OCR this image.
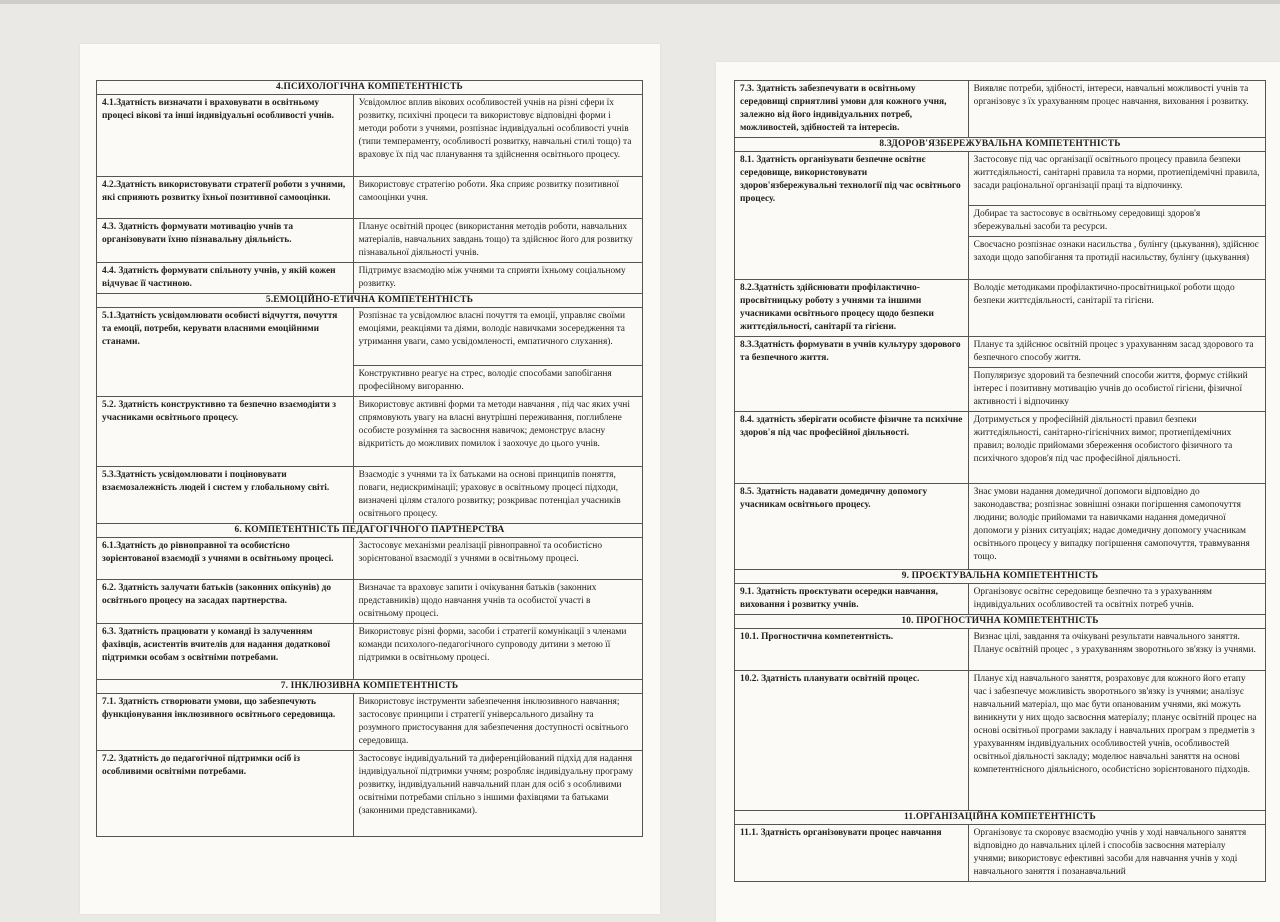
4.ПСИХОЛОГІЧНА КОМПЕТЕНТНІСТЬ	
4.1.Здатність визначати і враховувати в освітньому процесі вікові та інші індивідуальні особливості учнів.	Усвідомлює вплив вікових особливостей учнів на різні сфери їх розвитку, психічні процеси та використовує відповідні форми і методи роботи з учнями, розпізнає індивідуальні особливості учнів (типи темпераменту, особливості розвитку, навчальні стилі тощо) та враховує їх під час планування та здійснення освітнього процесу.
4.2.Здатність використовувати стратегії роботи з учнями, які сприяють розвитку їхньої позитивної самооцінки.	Використовує стратегію роботи. Яка сприяє розвитку позитивної самооцінки учня.
4.3. Здатність формувати мотивацію учнів та організовувати їхню пізнавальну діяльність.	Планує освітній процес (використання методів роботи, навчальних матеріалів, навчальних завдань тощо) та здійснює його для розвитку пізнавальної діяльності учнів.
4.4. Здатність формувати спільноту учнів, у якій кожен відчуває її частиною.	Підтримує взаємодію між учнями та сприяти їхньому соціальному розвитку.
5.ЕМОЦІЙНО-ЕТИЧНА КОМПЕТЕНТНІСТЬ	
5.1.Здатність усвідомлювати особисті відчуття, почуття та емоції, потреби, керувати власними емоційними станами.	Розпізнає та усвідомлює власні почуття та емоції, управляє своїми емоціями, реакціями та діями, володіє навичками зосередження та утримання уваги, само усвідомленості, емпатичного слухання).
	Конструктивно реагує на стрес, володіє способами запобігання професійному вигоранню.
5.2. Здатність конструктивно та безпечно взаємодіяти з учасниками освітнього процесу.	Використовує активні форми та методи навчання , під час яких учні спрямовують увагу на власні внутрішні переживання, поглиблене особисте розуміння та засвоєння навичок; демонструє власну відкритість до можливих помилок і заохочує до цього учнів.
5.3.Здатність усвідомлювати і поціновувати взаємозалежність людей і систем у глобальному світі.	Взаємодіє з учнями та їх батьками на основі принципів поняття, поваги, недискримінації; ураховує в освітньому процесі підходи, визначені цілям сталого розвитку; розкриває потенціал учасників освітнього процесу.
6. КОМПЕТЕНТНІСТЬ ПЕДАГОГІЧНОГО ПАРТНЕРСТВА	
6.1.Здатність до рівноправної та особистісно зорієнтованої взаємодії з учнями в освітньому процесі.	Застосовує механізми реалізації рівноправної та особистісно зорієнтованої взаємодії з учнями в освітньому процесі.
6.2. Здатність залучати батьків (законних опікунів) до освітнього процесу на засадах партнерства.	Визначає та враховує запити і очікування батьків (законних представників) щодо навчання учнів та особистої участі в освітньому процесі.
6.3. Здатність працювати у команді із залученням фахівців, асистентів вчителів для надання додаткової підтримки особам з освітніми потребами.	Використовує різні форми, засоби і стратегії комунікації з членами команди психолого-педагогічного супроводу дитини з метою її підтримки в освітньому процесі.
7. ІНКЛЮЗИВНА КОМПЕТЕНТНІСТЬ	
7.1. Здатність створювати умови, що забезпечують функціонування інклюзивного освітнього середовища.	Використовує інструменти забезпечення інклюзивного навчання; застосовує принципи і стратегії універсального дизайну та розумного пристосування для забезпечення доступності освітнього середовища.
7.2. Здатність до педагогічної підтримки осіб із особливими освітніми потребами.	Застосовує індивідуальний та диференційований підхід для надання індивідуальної підтримки учням; розробляє індивідуальну програму розвитку, індивідуальний навчальний план для осіб з особливими освітніми потребами спільно з іншими фахівцями та батьками (законними представниками).
7.3. Здатність забезпечувати в освітньому середовищі сприятливі умови для кожного учня, залежно від його індивідуальних потреб, можливостей, здібностей та інтересів.	Виявляє потреби, здібності, інтереси, навчальні можливості учнів та організовує з їх урахуванням процес навчання, виховання і розвитку.
8.ЗДОРОВ'ЯЗБЕРЕЖУВАЛЬНА КОМПЕТЕНТНІСТЬ	
8.1. Здатність організувати безпечне освітнє середовище, використовувати здоров'язбережувальні технології під час освітнього процесу.	Застосовує під час організації освітнього процесу правила безпеки життєдіяльності, санітарні правила та норми, протиепідемічні правила, засади раціональної організації праці та відпочинку.
	Добирає та застосовує в освітньому середовищі здоров'я збережувальні засоби та ресурси.
	Своєчасно розпізнає ознаки насильства , булінгу (цькування), здійснює заходи щодо запобігання та протидії насильству, булінгу (цькування)
8.2.Здатність здійснювати профілактично-просвітницьку роботу з учнями та іншими учасниками освітнього процесу щодо безпеки життєдіяльності, санітарії та гігієни.	Володіє методиками профілактично-просвітницької роботи щодо безпеки життєдіяльності, санітарії та гігієни.
8.3.Здатність формувати в учнів культуру здорового та безпечного життя.	Планує та здійснює освітній процес з урахуванням засад здорового та безпечного способу життя.
	Популяризує здоровий та безпечний способи життя, формує стійкий інтерес і позитивну мотивацію учнів до особистої гігієни, фізичної активності і відпочинку
8.4. здатність зберігати особисте фізичне та психічне здоров'я під час професійної діяльності.	Дотримується у професійній діяльності правил безпеки життєдіяльності, санітарно-гігієнічних вимог, протиепідемічних правил; володіє прийомами збереження особистого фізичного та психічного здоров'я під час професійної діяльності.
8.5. Здатність надавати домедичну допомогу учасникам освітнього процесу.	Знає умови надання домедичної допомоги відповідно до законодавства; розпізнає зовнішні ознаки погіршення самопочуття людини; володіє прийомами та навичками надання домедичної допомоги у різних ситуаціях; надає домедичну допомогу учасникам освітнього процесу у випадку погіршення самопочуття, травмування тощо.
9. ПРОЄКТУВАЛЬНА КОМПЕТЕНТНІСТЬ	
9.1. Здатність проєктувати осередки навчання, виховання і розвитку учнів.	Організовує освітнє середовище безпечно та з урахуванням індивідуальних особливостей та освітніх потреб учнів.
10. ПРОГНОСТИЧНА КОМПЕТЕНТНІСТЬ	
10.1. Прогностична компетентність.	Визнає цілі, завдання та очікувані результати навчального заняття. Планує освітній процес , з урахуванням зворотнього зв'язку із учнями.
10.2. Здатність планувати освітній процес.	Планує хід навчального заняття, розраховує для кожного його етапу час і забезпечує можливість зворотнього зв'язку із учнями; аналізує навчальний матеріал, що має бути опанованим учнями, які можуть виникнути у них щодо засвоєння матеріалу; планує освітній процес на основі освітньої програми закладу і навчальних програм з предметів з урахуванням індивідуальних особливостей учнів, особливостей освітньої діяльності закладу; моделює навчальні заняття на основі компетентнісного діяльнісного, особистісно зорієнтованого підходів.
11.ОРГАНІЗАЦІЙНА КОМПЕТЕНТНІСТЬ	
11.1. Здатність організовувати процес навчання	Організовує та скоровує взаємодію учнів у ході навчального заняття відповідно до навчальних цілей і способів засвоєння матеріалу учнями; використовує ефективні засоби для навчання учнів у ході навчального заняття і позанавчальний
